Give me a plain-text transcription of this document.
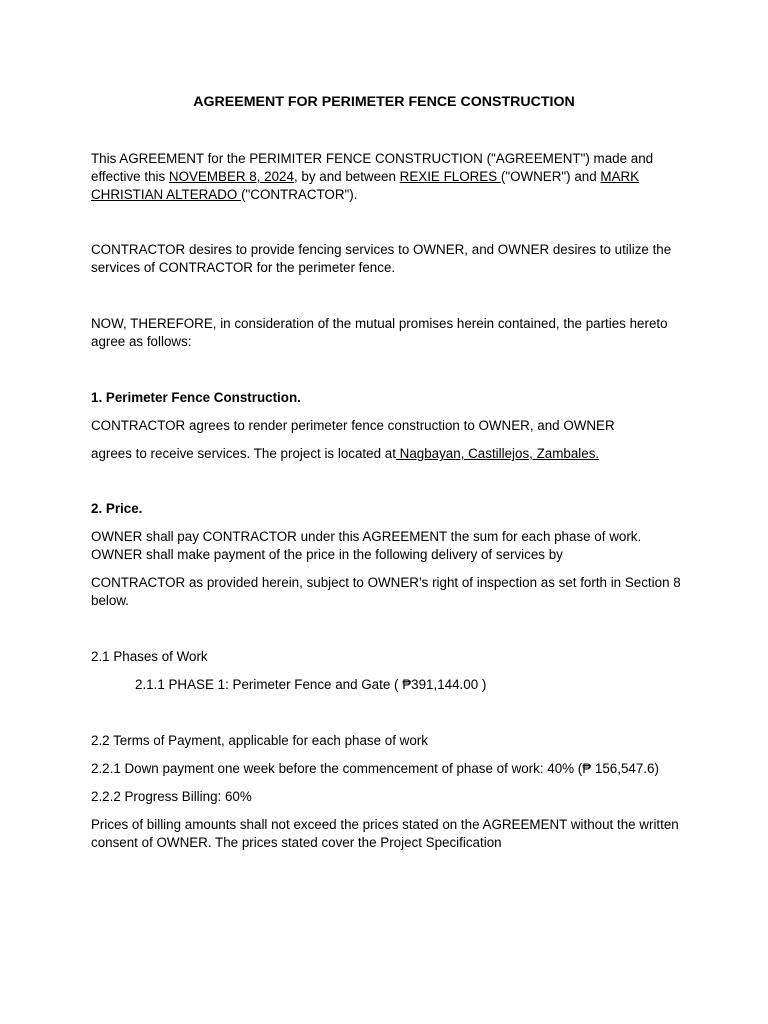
AGREEMENT FOR PERIMETER FENCE CONSTRUCTION

This AGREEMENT for the PERIMITER FENCE CONSTRUCTION ("AGREEMENT") made and effective this NOVEMBER 8, 2024, by and between REXIE FLORES ("OWNER") and MARK CHRISTIAN ALTERADO ("CONTRACTOR").

CONTRACTOR desires to provide fencing services to OWNER, and OWNER desires to utilize the services of CONTRACTOR for the perimeter fence.

NOW, THEREFORE, in consideration of the mutual promises herein contained, the parties hereto agree as follows:

1. Perimeter Fence Construction.

CONTRACTOR agrees to render perimeter fence construction to OWNER, and OWNER

agrees to receive services. The project is located at Nagbayan, Castillejos, Zambales.

2. Price.

OWNER shall pay CONTRACTOR under this AGREEMENT the sum for each phase of work. OWNER shall make payment of the price in the following delivery of services by

CONTRACTOR as provided herein, subject to OWNER’s right of inspection as set forth in Section 8 below.

2.1 Phases of Work

2.1.1 PHASE 1: Perimeter Fence and Gate ( ₱391,144.00 )

2.2 Terms of Payment, applicable for each phase of work

2.2.1 Down payment one week before the commencement of phase of work: 40% (₱ 156,547.6)

2.2.2 Progress Billing: 60%

Prices of billing amounts shall not exceed the prices stated on the AGREEMENT without the written consent of OWNER. The prices stated cover the Project Specification
